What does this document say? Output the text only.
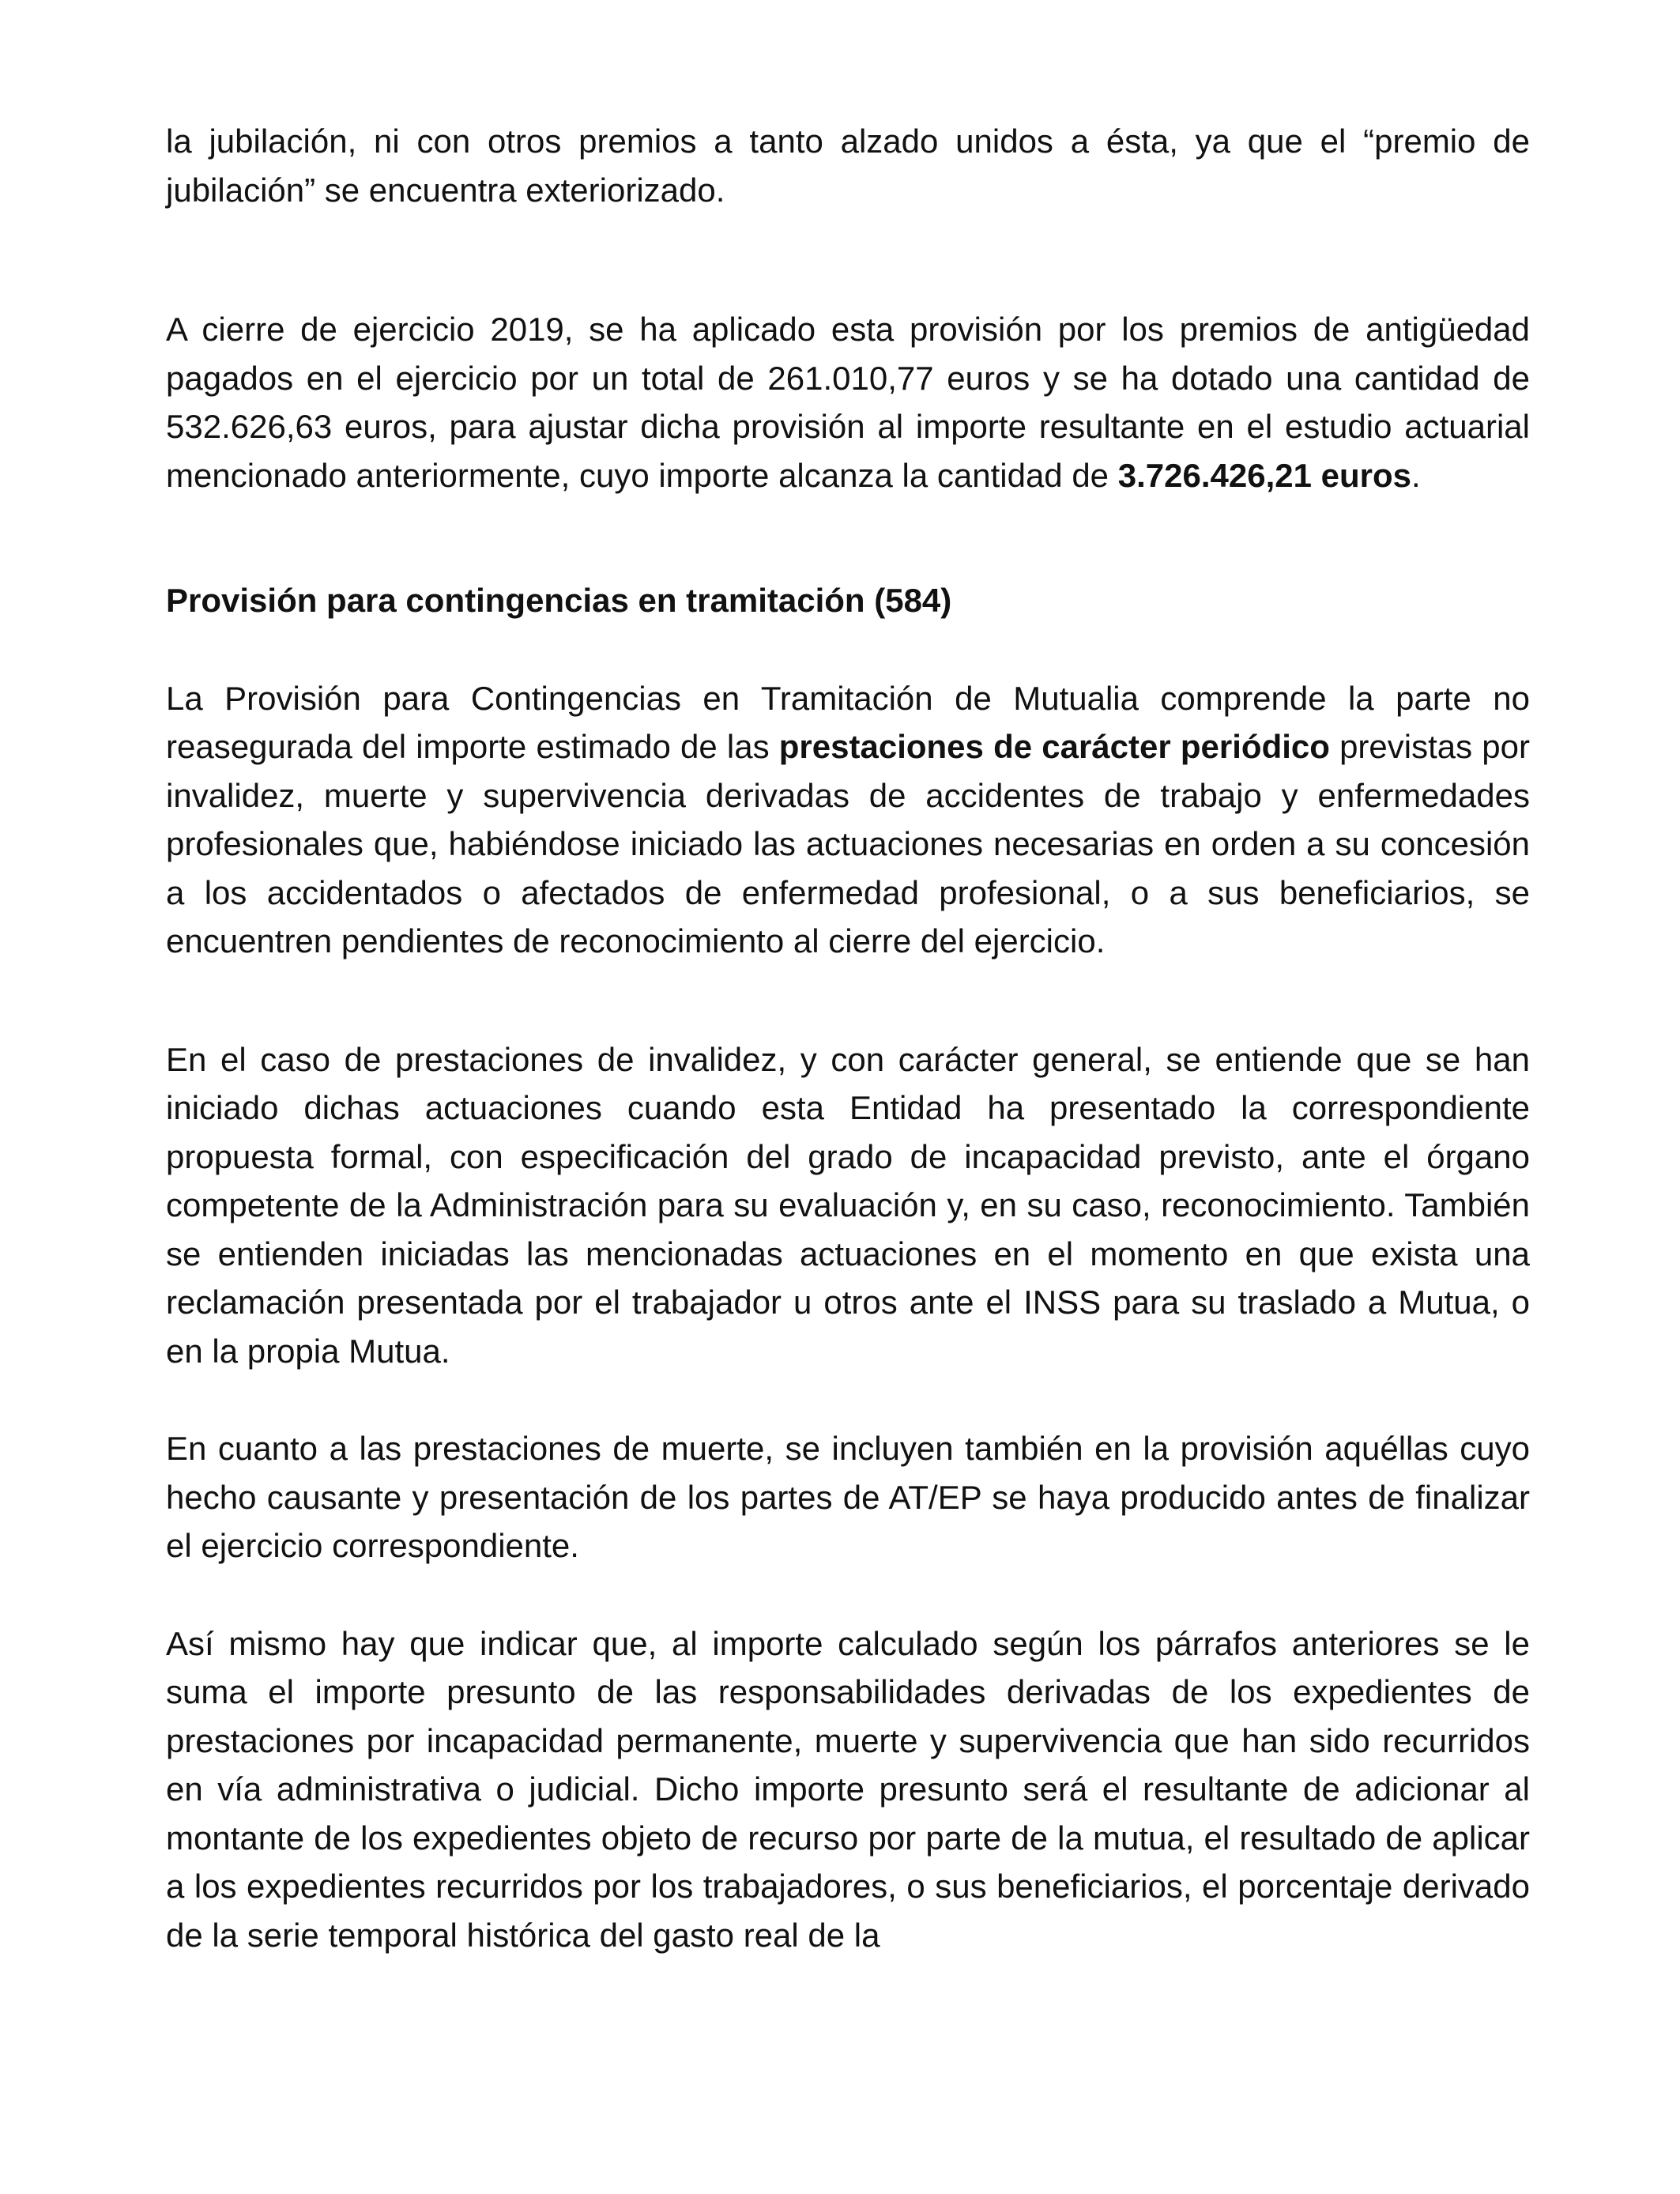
la jubilación, ni con otros premios a tanto alzado unidos a ésta, ya que el “premio de jubilación” se encuentra exteriorizado.

A cierre de ejercicio 2019, se ha aplicado esta provisión por los premios de antigüedad pagados en el ejercicio por un total de 261.010,77 euros y se ha dotado una cantidad de 532.626,63 euros, para ajustar dicha provisión al importe resultante en el estudio actuarial mencionado anteriormente, cuyo importe alcanza la cantidad de 3.726.426,21 euros.

Provisión para contingencias en tramitación (584)

La Provisión para Contingencias en Tramitación de Mutualia comprende la parte no reasegurada del importe estimado de las prestaciones de carácter periódico previstas por invalidez, muerte y supervivencia derivadas de accidentes de trabajo y enfermedades profesionales que, habiéndose iniciado las actuaciones necesarias en orden a su concesión a los accidentados o afectados de enfermedad profesional, o a sus beneficiarios, se encuentren pendientes de reconocimiento al cierre del ejercicio.

En el caso de prestaciones de invalidez, y con carácter general, se entiende que se han iniciado dichas actuaciones cuando esta Entidad ha presentado la correspondiente propuesta formal, con especificación del grado de incapacidad previsto, ante el órgano competente de la Administración para su evaluación y, en su caso, reconocimiento. También se entienden iniciadas las mencionadas actuaciones en el momento en que exista una reclamación presentada por el trabajador u otros ante el INSS para su traslado a Mutua, o en la propia Mutua.

En cuanto a las prestaciones de muerte, se incluyen también en la provisión aquéllas cuyo hecho causante y presentación de los partes de AT/EP se haya producido antes de finalizar el ejercicio correspondiente.

Así mismo hay que indicar que, al importe calculado según los párrafos anteriores se le suma el importe presunto de las responsabilidades derivadas de los expedientes de prestaciones por incapacidad permanente, muerte y supervivencia que han sido recurridos en vía administrativa o judicial. Dicho importe presunto será el resultante de adicionar al montante de los expedientes objeto de recurso por parte de la mutua, el resultado de aplicar a los expedientes recurridos por los trabajadores, o sus beneficiarios, el porcentaje derivado de la serie temporal histórica del gasto real de la
